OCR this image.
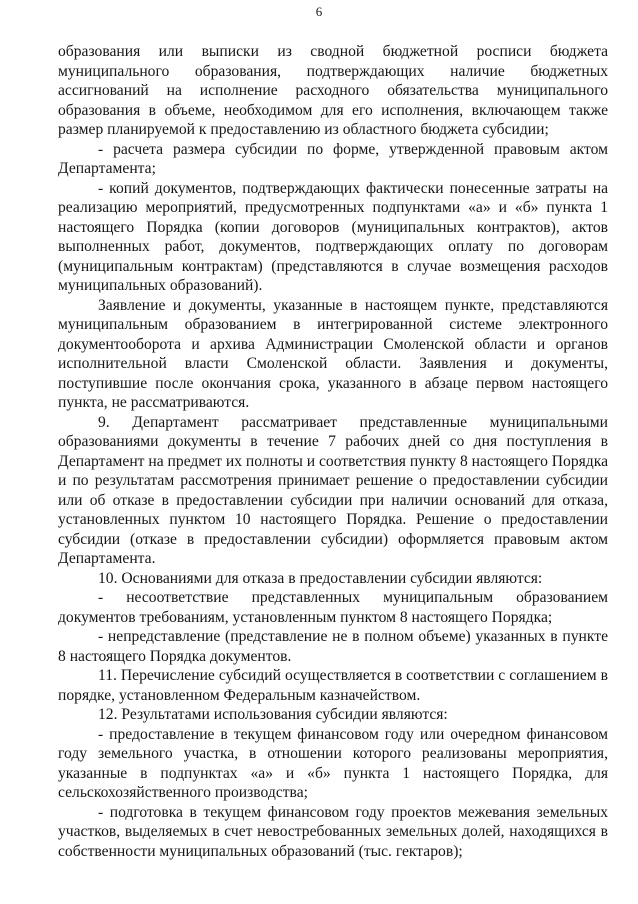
6

образования или выписки из сводной бюджетной росписи бюджета муниципального образования, подтверждающих наличие бюджетных ассигнований на исполнение расходного обязательства муниципального образования в объеме, необходимом для его исполнения, включающем также размер планируемой к предоставлению из областного бюджета субсидии;

- расчета размера субсидии по форме, утвержденной правовым актом Департамента;

- копий документов, подтверждающих фактически понесенные затраты на реализацию мероприятий, предусмотренных подпунктами «а» и «б» пункта 1 настоящего Порядка (копии договоров (муниципальных контрактов), актов выполненных работ, документов, подтверждающих оплату по договорам (муниципальным контрактам) (представляются в случае возмещения расходов муниципальных образований).

Заявление и документы, указанные в настоящем пункте, представляются муниципальным образованием в интегрированной системе электронного документооборота и архива Администрации Смоленской области и органов исполнительной власти Смоленской области. Заявления и документы, поступившие после окончания срока, указанного в абзаце первом настоящего пункта, не рассматриваются.

9. Департамент рассматривает представленные муниципальными образованиями документы в течение 7 рабочих дней со дня поступления в Департамент на предмет их полноты и соответствия пункту 8 настоящего Порядка и по результатам рассмотрения принимает решение о предоставлении субсидии или об отказе в предоставлении субсидии при наличии оснований для отказа, установленных пунктом 10 настоящего Порядка. Решение о предоставлении субсидии (отказе в предоставлении субсидии) оформляется правовым актом Департамента.

10. Основаниями для отказа в предоставлении субсидии являются:

- несоответствие представленных муниципальным образованием документов требованиям, установленным пунктом 8 настоящего Порядка;

- непредставление (представление не в полном объеме) указанных в пункте 8 настоящего Порядка документов.

11. Перечисление субсидий осуществляется в соответствии с соглашением в порядке, установленном Федеральным казначейством.

12. Результатами использования субсидии являются:

- предоставление в текущем финансовом году или очередном финансовом году земельного участка, в отношении которого реализованы мероприятия, указанные в подпунктах «а» и «б» пункта 1 настоящего Порядка, для сельскохозяйственного производства;

- подготовка в текущем финансовом году проектов межевания земельных участков, выделяемых в счет невостребованных земельных долей, находящихся в собственности муниципальных образований (тыс. гектаров);
